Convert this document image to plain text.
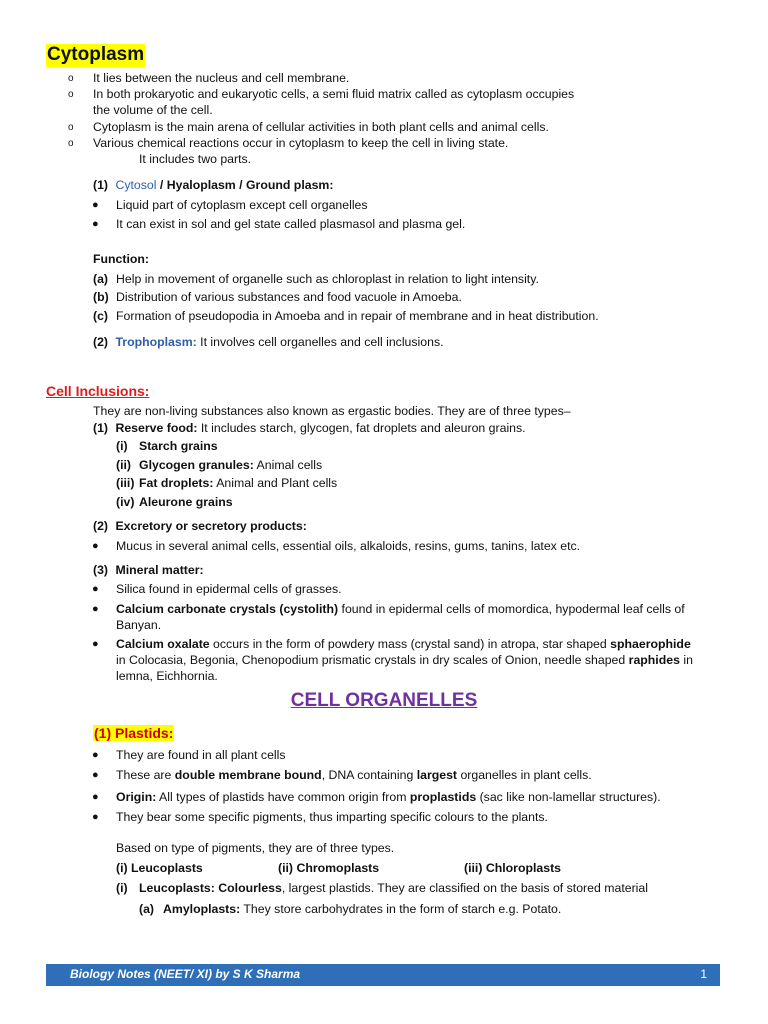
Cytoplasm
o It lies between the nucleus and cell membrane.
o In both prokaryotic and eukaryotic cells, a semi fluid matrix called as cytoplasm occupies
the volume of the cell.
o Cytoplasm is the main arena of cellular activities in both plant cells and animal cells.
o Various chemical reactions occur in cytoplasm to keep the cell in living state.
It includes two parts.
(1) Cytosol / Hyaloplasm / Ground plasm:
● Liquid part of cytoplasm except cell organelles
● It can exist in sol and gel state called plasmasol and plasma gel.
Function:
(a) Help in movement of organelle such as chloroplast in relation to light intensity.
(b) Distribution of various substances and food vacuole in Amoeba.
(c) Formation of pseudopodia in Amoeba and in repair of membrane and in heat distribution.
(2) Trophoplasm: It involves cell organelles and cell inclusions.
Cell Inclusions:
They are non-living substances also known as ergastic bodies. They are of three types–
(1) Reserve food: It includes starch, glycogen, fat droplets and aleuron grains.
(i) Starch grains
(ii) Glycogen granules: Animal cells
(iii) Fat droplets: Animal and Plant cells
(iv) Aleurone grains
(2) Excretory or secretory products:
● Mucus in several animal cells, essential oils, alkaloids, resins, gums, tanins, latex etc.
(3) Mineral matter:
● Silica found in epidermal cells of grasses.
● Calcium carbonate crystals (cystolith) found in epidermal cells of momordica, hypodermal leaf cells of
Banyan.
● Calcium oxalate occurs in the form of powdery mass (crystal sand) in atropa, star shaped sphaerophide
in Colocasia, Begonia, Chenopodium prismatic crystals in dry scales of Onion, needle shaped raphides in
lemna, Eichhornia.
CELL ORGANELLES
(1) Plastids:
● They are found in all plant cells
● These are double membrane bound, DNA containing largest organelles in plant cells.
● Origin: All types of plastids have common origin from proplastids (sac like non-lamellar structures).
● They bear some specific pigments, thus imparting specific colours to the plants.
Based on type of pigments, they are of three types.
(i) Leucoplasts	(ii) Chromoplasts	(iii) Chloroplasts
(i) Leucoplasts: Colourless, largest plastids. They are classified on the basis of stored material
(a) Amyloplasts: They store carbohydrates in the form of starch e.g. Potato.
Biology Notes (NEET/ XI) by S K Sharma	1
